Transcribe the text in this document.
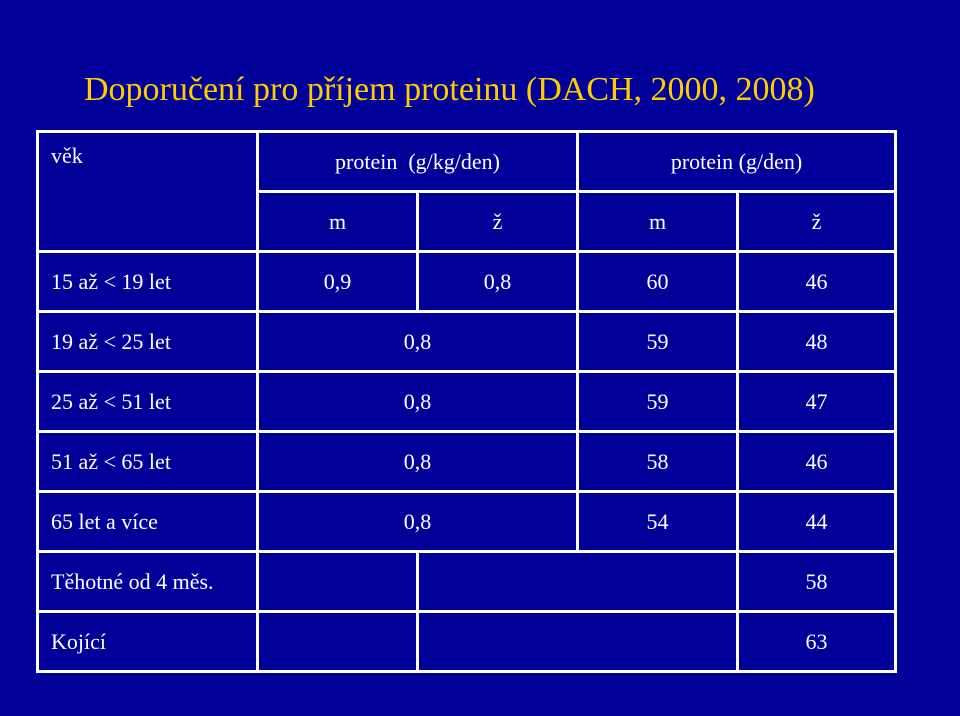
Doporučení pro příjem proteinu (DACH, 2000, 2008)
věk	protein  (g/kg/den)		protein (g/den)	
	m	ž	m	ž
15 až < 19 let	0,9	0,8	60	46
19 až < 25 let	0,8		59	48
25 až < 51 let	0,8		59	47
51 až < 65 let	0,8		58	46
65 let a více	0,8		54	44
Těhotné od 4 měs.				58
Kojící				63
